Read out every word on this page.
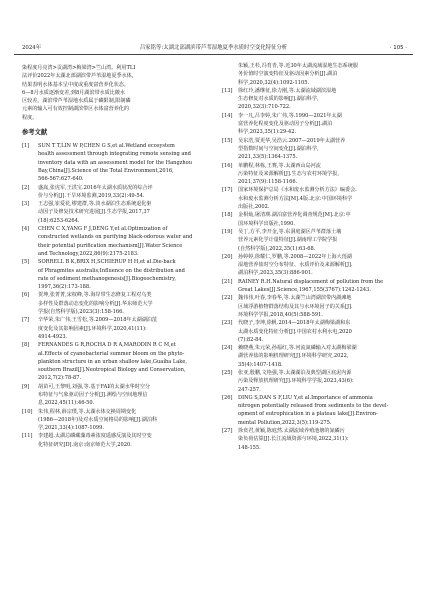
2024年	吕家铭等:太湖北部湖滨带芦苇湿地夏季水质时空变化特征分析	· 105 ·
染程度月亮湾>贡湖湾>梅梁湾>竺山湾。利用TLI
法评价2022年太湖北部湖滨带芦苇湿地夏季水体,
结果表明水体基本呈中度或重度富营养化状态。
6—8月水质逐渐变差,到8月湖滨带水质比敞水
区较差。湖滨带芦苇湿地水质属于磷限制,限制磷
元素的输入可有效控制湖滨带区水体富营养化的
程度。
参考文献
[1] SUN T T,LIN W P,CHEN G S,et al.Wetland ecosystem
health assessment through integrating remote sensing and
inventory data with an assessment model for the Hangzhou
Bay,China[J].Science of the Total Environment,2016,
566-567:627-640.
[2] 盛嵩,张虎军,王洪宝.2016年太湖水质状况的综合评
价与分析[J].干旱环境监测,2019,33(2):49-54.
[3] 王志强,崔爱花,缪建群,等.淡水湖泊生态系统退化驱
动因子及修复技术研究进展[J].生态学报,2017,37
(18):6253-6264.
[4] CHEN C X,YANG F J,DENG Y,et al.Optimization of
constructed wetlands on purifying black-odorous water and
their potential purification mechanism[J].Water Science
and Technology,2022,86(9):2175-2183.
[5] SORRELL B K,BRIX H,SCHIERUP H H,et al.Die-back
of Phragmites australis;Influence on the distribution and
rate of sediment methanogenesis[J].Biogeochemistry,
1997,36(2):173-188.
[6] 贺坤,张菁菁,宋权峰,等.海岸带生态修复工程对乌类
多样性及群落动态变化的影响分析[J].华东师范大学
学报(自然科学版),2023(3):158-166.
[7] 辛华荣,朱广伟,王雪松,等.2009—2018年太湖湖泊菹
度变化及其影响因素[J].环境科学,2020,41(11):
4914-4923.
[8] FERNANDES G R,ROCHA D R A,MARODIN R C M,et
al.Effects of cyanobacterial summer bloom on the phyto-
plankton structure in an urban shallow lake,Guaíba Lake,
southern Brazil[J].Neotropical Biology and Conservation,
2012,7(2):78-87.
[9] 胡苗可,王黎明,刘强,等.基于FAI的太湖水华时空分
布特征与气象驱动因子分析[J].测绘与空间地理信
息,2022,45(11):46-50.
[10] 朱伟,程林,薛宗璞,等.太湖水体交换周期变化
(1986—2018年)及对水质空间格局的影响[J].湖泊科
学,2021,33(4):1087-1099.
[11] 李建超.太湖总磷藏藻毒素浓度遥感反演及其时空变
化特征研究[D].南京:南京师范大学,2020.
朱颖,王杉,冯育青,等.近30年太湖流域湿地生态系统服
务价值时空演变特征及驱动因素分析[J].湖泊
科学,2020,32(4):1092-1105.
[13] 徐红玲,潘继征,徐力刚,等.太湖流域湖滨湿地
生态修复对水质的影响[J].湖泊科学,
2020,32(3):710-722.
[14] 李一凡,吕李婷,朱广伟,等.1990—2021年太湖
富营养化程度变化及驱动因子分析[J].湖泊
科学,2023,35(1):29-42.
[15] 吴东浩,贾更华,吴浩云.2007—2019年太湖营养
型指数时间与空间变化[J].湖泊科学,
2021,33(5):1364-1375.
[16] 单鹏程,林栋,王赛,等.太湖西山岛河流
污染特征及来源解析[J].生态与农村环境学报,
2021,37(9):1158-1166.
[17] 国家环境保护总局《水和废水监测分析方法》编委会.
水和废水监测分析方法[M].4版.北京:中国环境科学
出版社,2002.
[18] 金相灿,屠清瑛.湖泊富营养化调查规范[M].北京:中
国环境科学出版社,1990.
[19] 吴丁,方平,李开金,等.东洞庭湖区芦苇群落土壤
营养元素化学计量特征[J].湖南理工学院学报
(自然科学版),2022,35(1):63-68.
[20] 孙婷婷,徐耀仁,罗鹏,等.2008—2022年上海大莲湖
湿地营养盐时空分布特征、水质评价及来源解析[J].
湖泊科学,2023,35(3):886-901.
[21] RAINEY R.H.Natural displacement of pollution from the
Great Lakes[J].Science,1967,155(3767):1242-1243.
[22] 魏伟伟,叶春,李春华,等.太湖竺山湾湖滨带内湖滩地
区域浮游植物群落结构及其与水环境因子的关系[J].
环境科学学报,2018,40(5):588-591.
[23] 代晓子,李坤,徐帆.2014—2018年太湖梅梁湖和东
太湖水质变化特征分析[J].中国农村水利水电,2020
(7):82-84.
[24] 赖晓燕,朱元荣,孙福红,等.河流氮磷输入对太湖梅梁湖
湖营养盐的影响机理研究[J].环境科学研究,2022,
35(4):1407-1418.
[25] 张亚,殷鹏,文艳强,等.太湖湖泊及典型湖区底泥内源
污染及释放机理研究[J].环境科学学报,2023,43(6):
247-257.
[26] DING S,DAN S F,LIU Y,et al.Importance of ammonia
nitrogen potentially released from sediments to the devel-
opment of eutrophication in a plateau lake[J].Environ-
mental Pollution,2022,3(5):119-275.
[27] 徐贲君,黄颖,陈庭然.太湖流域养殖池塘的氮磷污
染负荷估算[J].长江流域资源与环境,2022,31(1):
148-155.
